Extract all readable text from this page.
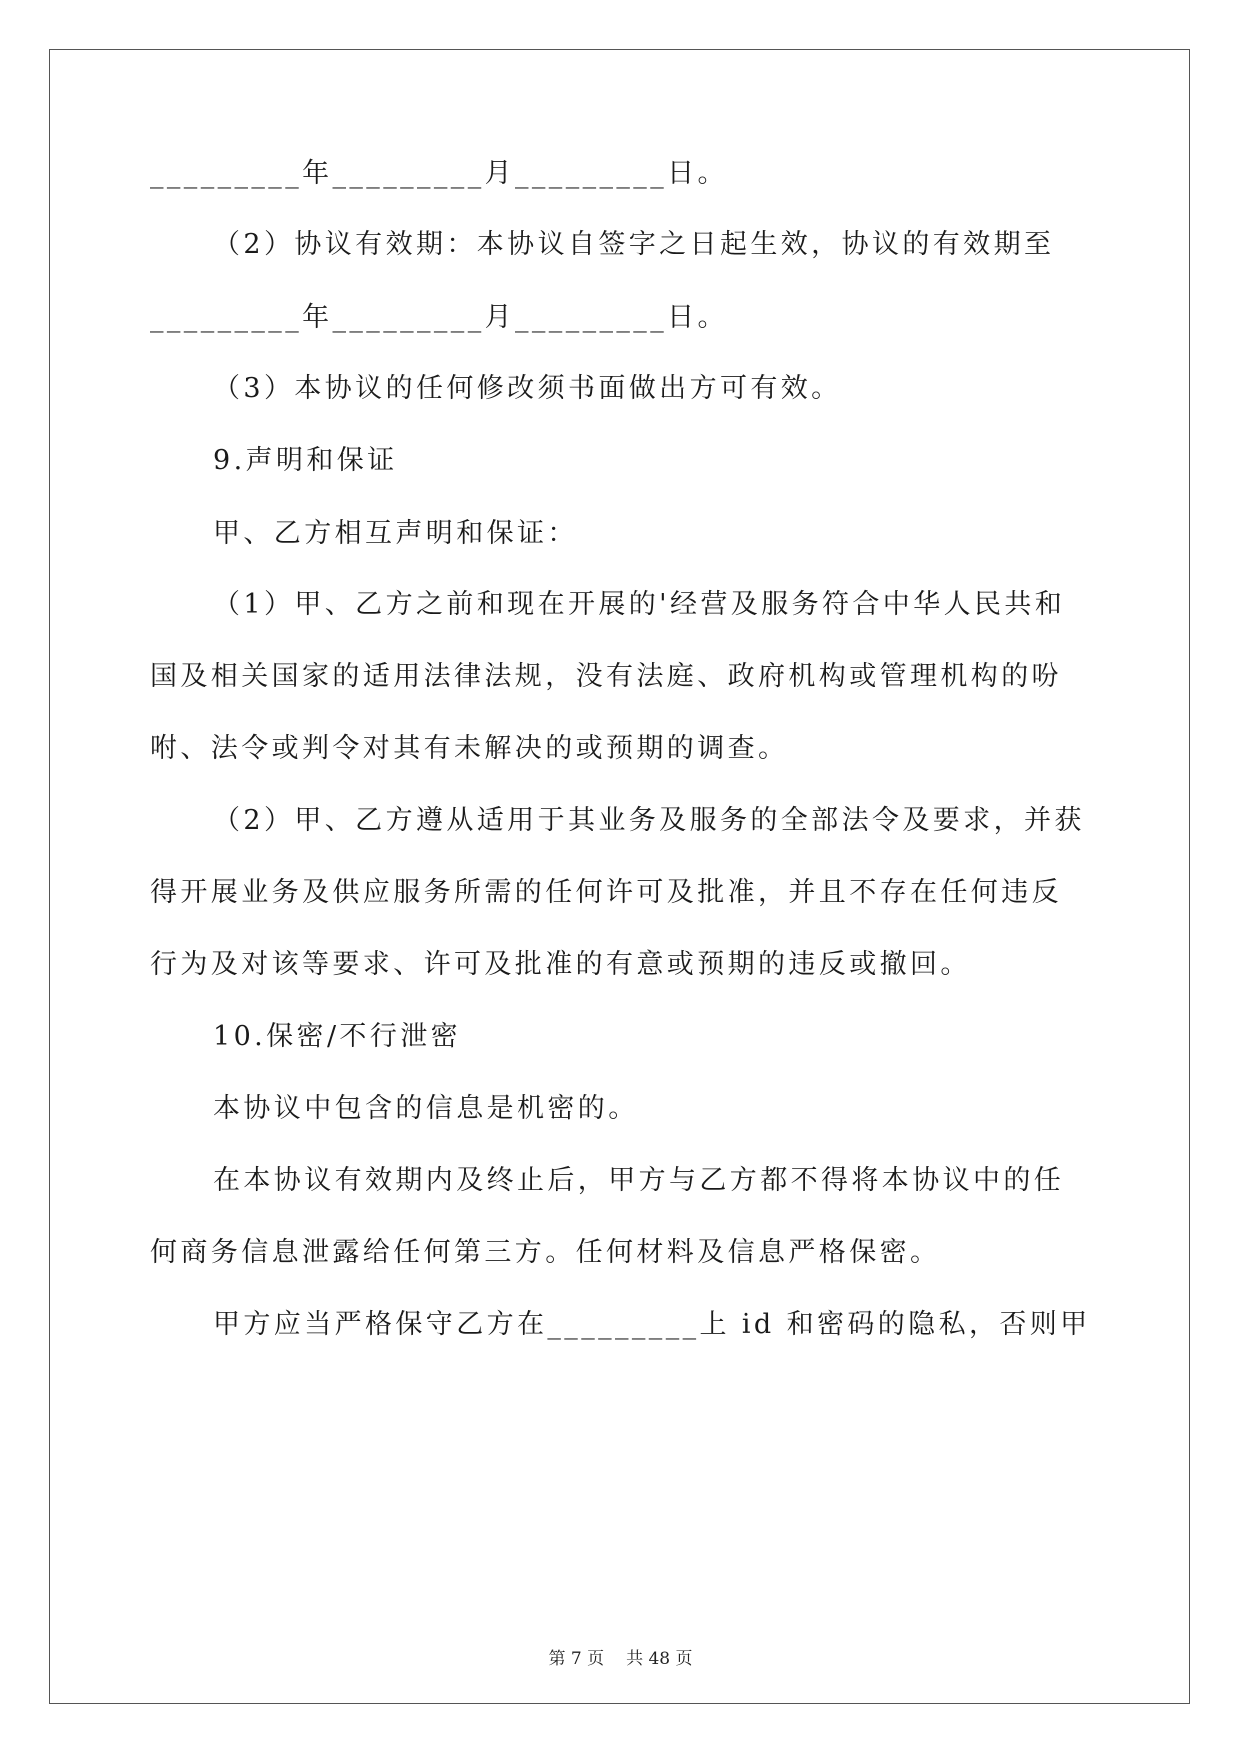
_________年_________月_________日。
（2）协议有效期：本协议自签字之日起生效，协议的有效期至
_________年_________月_________日。
（3）本协议的任何修改须书面做出方可有效。
9.声明和保证
甲、乙方相互声明和保证：
（1）甲、乙方之前和现在开展的'经营及服务符合中华人民共和
国及相关国家的适用法律法规，没有法庭、政府机构或管理机构的吩
咐、法令或判令对其有未解决的或预期的调查。
（2）甲、乙方遵从适用于其业务及服务的全部法令及要求，并获
得开展业务及供应服务所需的任何许可及批准，并且不存在任何违反
行为及对该等要求、许可及批准的有意或预期的违反或撤回。
10.保密/不行泄密
本协议中包含的信息是机密的。
在本协议有效期内及终止后，甲方与乙方都不得将本协议中的任
何商务信息泄露给任何第三方。任何材料及信息严格保密。
甲方应当严格保守乙方在_________上 id 和密码的隐私，否则甲
第 7 页 共 48 页
